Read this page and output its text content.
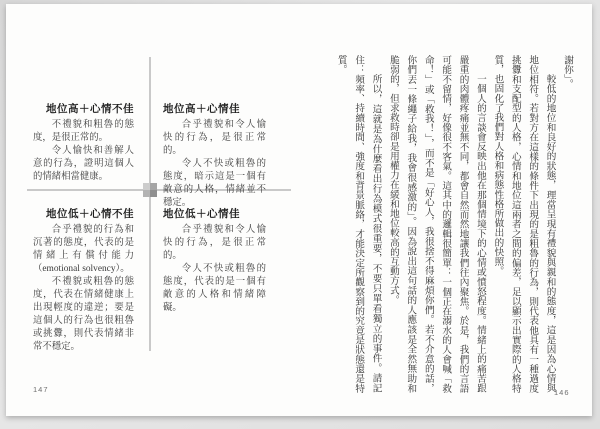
地位高＋心情不佳

不禮貌和粗魯的態度，是很正常的。

令人愉快和善解人意的行為，證明這個人的情緒相當健康。

地位高＋心情佳

合乎禮貌和令人愉快的行為，是很正常的。

令人不快或粗魯的態度，暗示這是一個有敵意的人格，情緒並不穩定。

地位低＋心情不佳

合乎禮貌的行為和沉著的態度，代表的是情緒上有償付能力（emotional solvency）。

不禮貌或粗魯的態度，代表在情緒健康上出現輕度的違逆；要是這個人的行為也很粗魯或挑釁，則代表情緒非常不穩定。

地位低＋心情佳

合乎禮貌和令人愉快的行為，是很正常的。

令人不快或粗魯的態度，代表的是一個有敵意的人格和情緒障礙。

147

謝你」。

較低的地位和良好的狀態，理當呈現有禮貌與親和的態度，這是因為心情與地位相符。若對方在這樣的條件下出現的是粗魯的行為，則代表他具有一種過度挑釁和支配型的人格，心情和地位這兩者之間的偏差，足以顯示出實際的人格特質，也固化了我們對人格和病態性格所做出的快照。

一個人的言談會反映出他在那個情境下的心情或憤怒程度。情緒上的痛苦跟嚴重的肉體疼痛並無不同，都會自然而然地讓我們往內聚焦。於是，我們的言語可能不留情，好像很不客氣。這其中的邏輯很簡單：一個正在溺水的人會喊「救命！」或「救我！」，而不是「好心人，我很捨不得麻煩你們。若不介意的話，你們丟一條繩子給我，我會很感激的」。因為說出這句話的人應該是全然無助和脆弱的，但求救時卻是用權力在緩和地位較高的互動方式。

所以，這就是為什麼看出行為模式很重要，不要只單看獨立的事件。請記住：頻率、持續時間、強度和背景脈絡，才能決定所觀察到的究竟是狀態還是特質。

146
